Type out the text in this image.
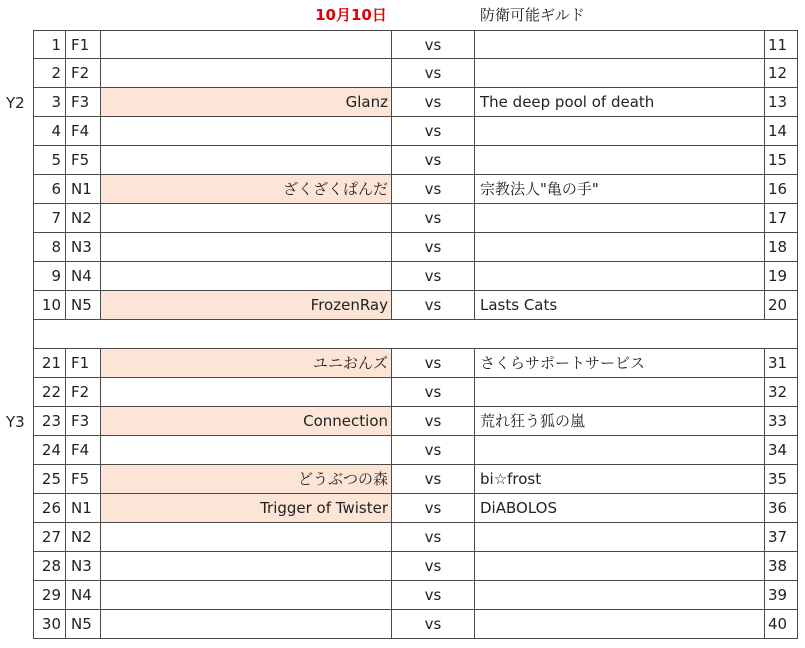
10月10日	防衛可能ギルド
Y2
Y3
1 F1	vs	11
2 F2	vs	12
3 F3	Glanz	vs	The deep pool of death	13
4 F4	vs	14
5 F5	vs	15
6 N1	ざくざくぱんだ	vs	宗教法人"亀の手"	16
7 N2	vs	17
8 N3	vs	18
9 N4	vs	19
10 N5	FrozenRay	vs	Lasts Cats	20
21 F1	ユニおんズ	vs	さくらサポートサービス	31
22 F2	vs	32
23 F3	Connection	vs	荒れ狂う狐の嵐	33
24 F4	vs	34
25 F5	どうぶつの森	vs	bi☆frost	35
26 N1	Trigger of Twister	vs	DiABOLOS	36
27 N2	vs	37
28 N3	vs	38
29 N4	vs	39
30 N5	vs	40
